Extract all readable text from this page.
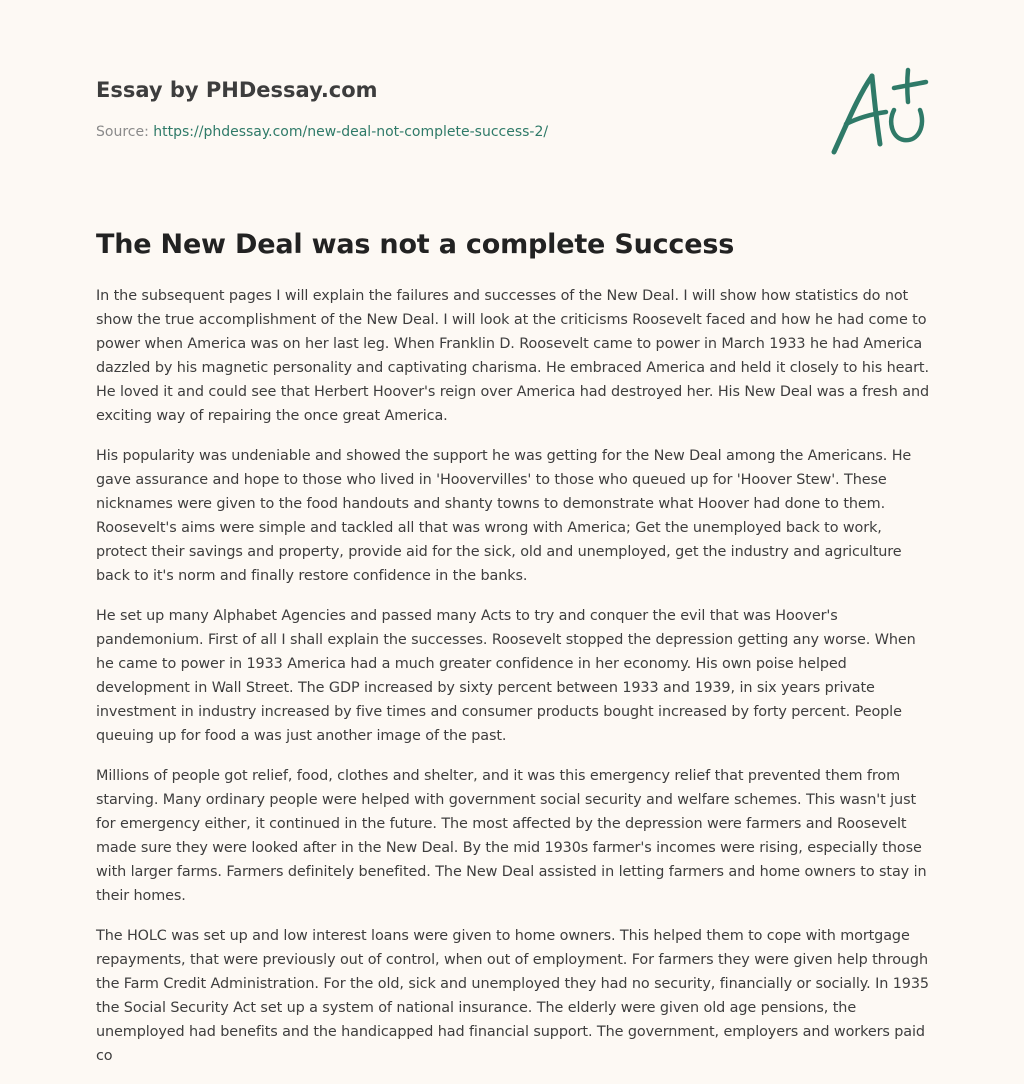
Essay by PHDessay.com
Source: https://phdessay.com/new-deal-not-complete-success-2/
The New Deal was not a complete Success

In the subsequent pages I will explain the failures and successes of the New Deal. I will show how statistics do not show the true accomplishment of the New Deal. I will look at the criticisms Roosevelt faced and how he had come to power when America was on her last leg. When Franklin D. Roosevelt came to power in March 1933 he had America dazzled by his magnetic personality and captivating charisma. He embraced America and held it closely to his heart. He loved it and could see that Herbert Hoover's reign over America had destroyed her. His New Deal was a fresh and exciting way of repairing the once great America.

His popularity was undeniable and showed the support he was getting for the New Deal among the Americans. He gave assurance and hope to those who lived in 'Hoovervilles' to those who queued up for 'Hoover Stew'. These nicknames were given to the food handouts and shanty towns to demonstrate what Hoover had done to them. Roosevelt's aims were simple and tackled all that was wrong with America; Get the unemployed back to work, protect their savings and property, provide aid for the sick, old and unemployed, get the industry and agriculture back to it's norm and finally restore confidence in the banks.

He set up many Alphabet Agencies and passed many Acts to try and conquer the evil that was Hoover's pandemonium. First of all I shall explain the successes. Roosevelt stopped the depression getting any worse. When he came to power in 1933 America had a much greater confidence in her economy. His own poise helped development in Wall Street. The GDP increased by sixty percent between 1933 and 1939, in six years private investment in industry increased by five times and consumer products bought increased by forty percent. People queuing up for food a was just another image of the past.

Millions of people got relief, food, clothes and shelter, and it was this emergency relief that prevented them from starving. Many ordinary people were helped with government social security and welfare schemes. This wasn't just for emergency either, it continued in the future. The most affected by the depression were farmers and Roosevelt made sure they were looked after in the New Deal. By the mid 1930s farmer's incomes were rising, especially those with larger farms. Farmers definitely benefited. The New Deal assisted in letting farmers and home owners to stay in their homes.

The HOLC was set up and low interest loans were given to home owners. This helped them to cope with mortgage repayments, that were previously out of control, when out of employment. For farmers they were given help through the Farm Credit Administration. For the old, sick and unemployed they had no security, financially or socially. In 1935 the Social Security Act set up a system of national insurance. The elderly were given old age pensions, the unemployed had benefits and the handicapped had financial support. The government, employers and workers paid co
